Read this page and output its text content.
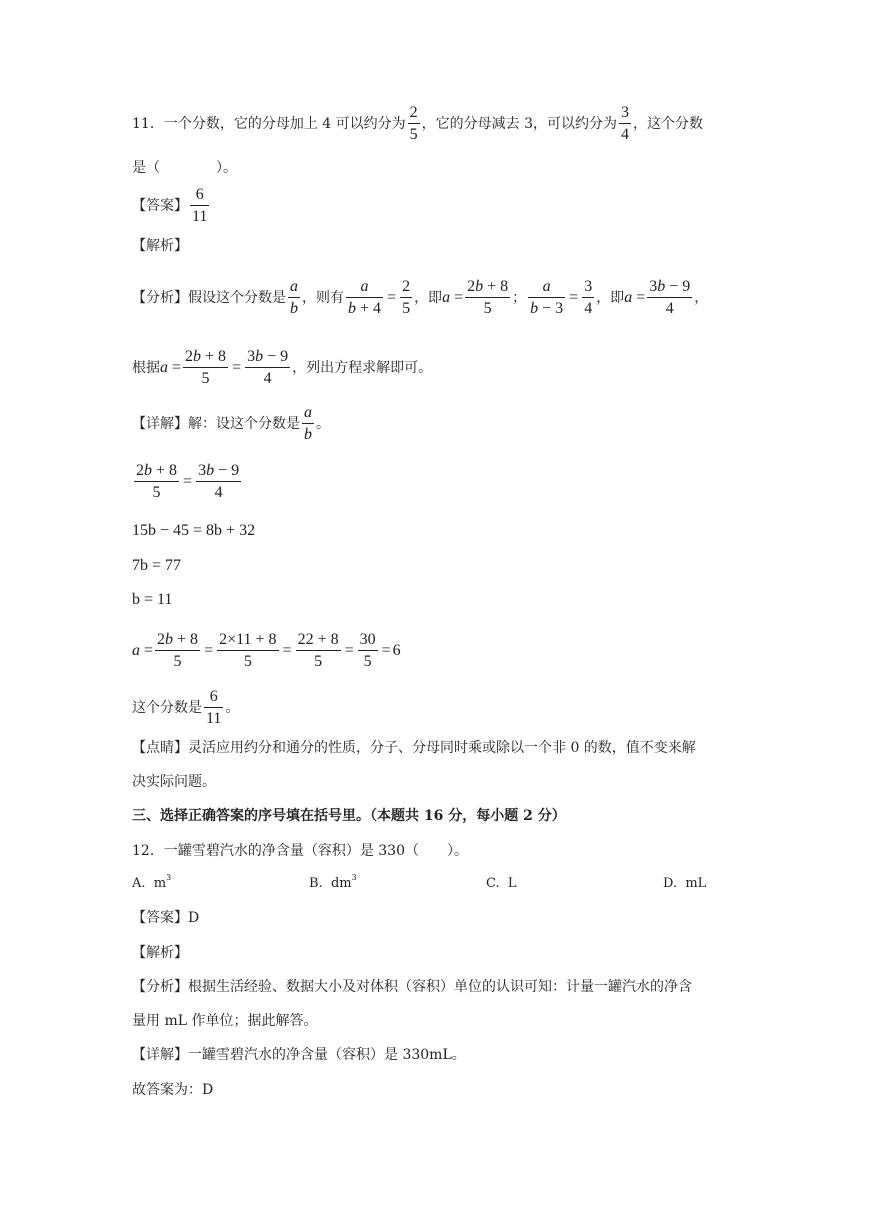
11．一个分数，它的分母加上 4 可以约分为 $\frac{2}{5}$ ，它的分母减去 3，可以约分为 $\frac{3}{4}$ ，这个分数
是（　　　　）。
【答案】 $\frac{6}{11}$
【解析】
【分析】假设这个分数是 $\frac{a}{b}$ ，则有 $\frac{a}{b + 4} = \frac{2}{5}$ ，即$a = \frac{2b + 8}{5}$ ； $\frac{a}{b - 3} = \frac{3}{4}$ ，即$a = \frac{3b - 9}{4}$ ，
根据$a = \frac{2b + 8}{5} = \frac{3b - 9}{4}$ ，列出方程求解即可。
【详解】解：设这个分数是 $\frac{a}{b}$ 。
$\frac{2b + 8}{5} = \frac{3b - 9}{4}$
15b − 45 = 8b + 32
7b = 77
b = 11
$a = \frac{2b + 8}{5} = \frac{2\times 11 + 8}{5} = \frac{22 + 8}{5} = \frac{30}{5} = 6$
这个分数是 $\frac{6}{11}$ 。
【点睛】灵活应用约分和通分的性质，分子、分母同时乘或除以一个非 0 的数，值不变来解
决实际问题。
三、选择正确答案的序号填在括号里。（本题共 16 分，每小题 2 分）
12．一罐雪碧汽水的净含量（容积）是 330（　　）。
A. $m^3$	B. $dm^3$	C. L	D. mL
【答案】D
【解析】
【分析】根据生活经验、数据大小及对体积（容积）单位的认识可知：计量一罐汽水的净含
量用 mL 作单位；据此解答。
【详解】一罐雪碧汽水的净含量（容积）是 330mL。
故答案为：D
